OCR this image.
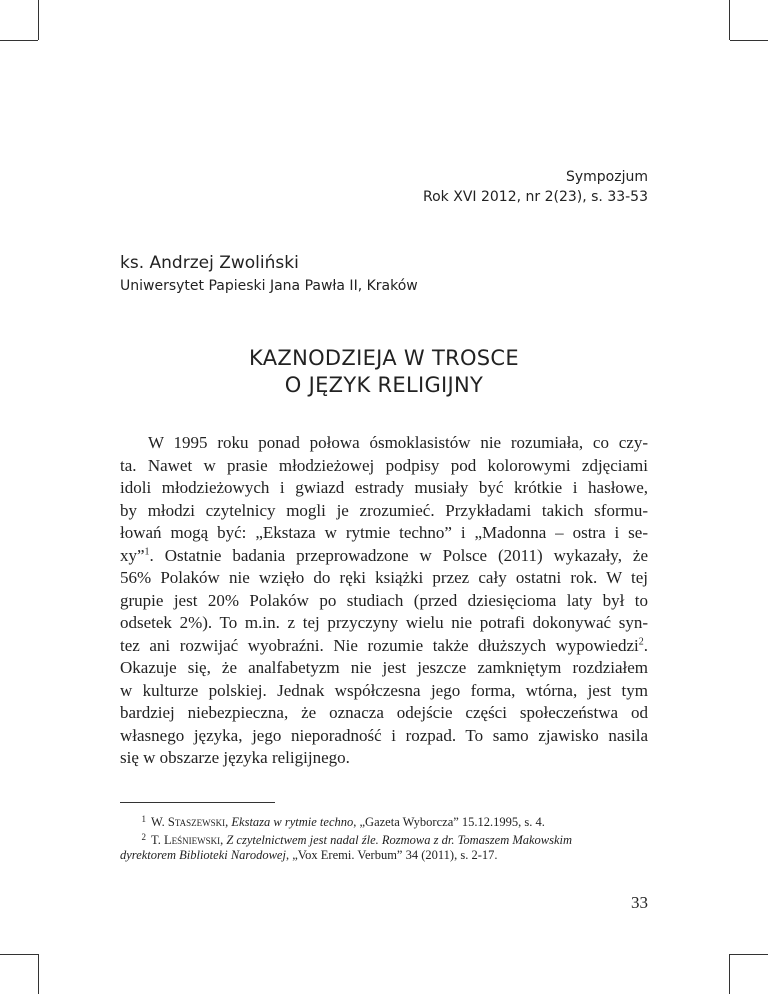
Sympozjum
Rok XVI 2012, nr 2(23), s. 33-53
ks. Andrzej Zwoliński
Uniwersytet Papieski Jana Pawła II, Kraków
KAZNODZIEJA W TROSCE
O JĘZYK RELIGIJNY
W 1995 roku ponad połowa ósmoklasistów nie rozumiała, co czy-
ta. Nawet w prasie młodzieżowej podpisy pod kolorowymi zdjęciami
idoli młodzieżowych i gwiazd estrady musiały być krótkie i hasłowe,
by młodzi czytelnicy mogli je zrozumieć. Przykładami takich sformu-
łowań mogą być: „Ekstaza w rytmie techno” i „Madonna – ostra i se-
xy”$^1$. Ostatnie badania przeprowadzone w Polsce (2011) wykazały, że
56% Polaków nie wzięło do ręki książki przez cały ostatni rok. W tej
grupie jest 20% Polaków po studiach (przed dziesięcioma laty był to
odsetek 2%). To m.in. z tej przyczyny wielu nie potrafi dokonywać syn-
tez ani rozwijać wyobraźni. Nie rozumie także dłuższych wypowiedzi$^2$.
Okazuje się, że analfabetyzm nie jest jeszcze zamkniętym rozdziałem
w kulturze polskiej. Jednak współczesna jego forma, wtórna, jest tym
bardziej niebezpieczna, że oznacza odejście części społeczeństwa od
własnego języka, jego nieporadność i rozpad. To samo zjawisko nasila
się w obszarze języka religijnego.
1 W. Staszewski, Ekstaza w rytmie techno, „Gazeta Wyborcza” 15.12.1995, s. 4.
2 T. Leśniewski, Z czytelnictwem jest nadal źle. Rozmowa z dr. Tomaszem Makowskim
dyrektorem Biblioteki Narodowej, „Vox Eremi. Verbum” 34 (2011), s. 2-17.
33
